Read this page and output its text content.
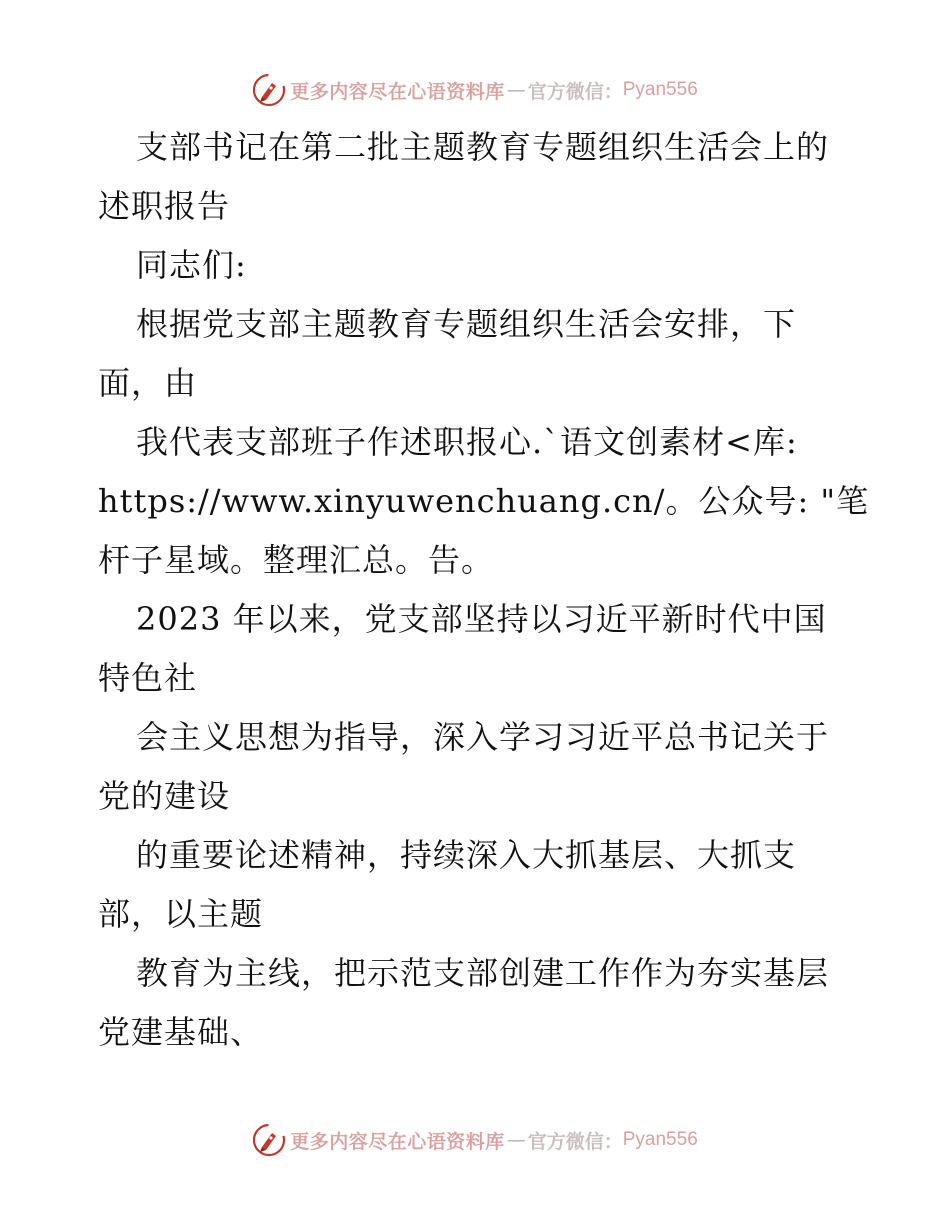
更多内容尽在心语资料库 — 官方微信： Pyan556
支部书记在第二批主题教育专题组织生活会上的
述职报告
同志们:
根据党支部主题教育专题组织生活会安排，下
面，由
我代表支部班子作述职报心.`语文创素材<库:
https://www.xinyuwenchuang.cn/。公众号: "笔
杆子星域。整理汇总。告。
2023 年以来，党支部坚持以习近平新时代中国
特色社
会主义思想为指导，深入学习习近平总书记关于
党的建设
的重要论述精神，持续深入大抓基层、大抓支
部，以主题
教育为主线，把示范支部创建工作作为夯实基层
党建基础、
更多内容尽在心语资料库 — 官方微信： Pyan556
